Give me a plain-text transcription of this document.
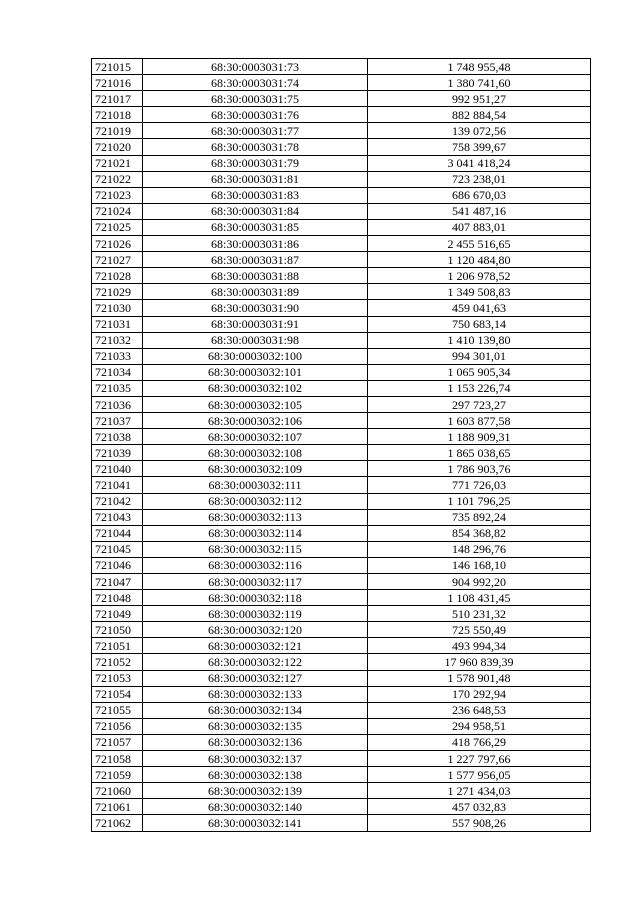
721015	68:30:0003031:73	1 748 955,48
721016	68:30:0003031:74	1 380 741,60
721017	68:30:0003031:75	992 951,27
721018	68:30:0003031:76	882 884,54
721019	68:30:0003031:77	139 072,56
721020	68:30:0003031:78	758 399,67
721021	68:30:0003031:79	3 041 418,24
721022	68:30:0003031:81	723 238,01
721023	68:30:0003031:83	686 670,03
721024	68:30:0003031:84	541 487,16
721025	68:30:0003031:85	407 883,01
721026	68:30:0003031:86	2 455 516,65
721027	68:30:0003031:87	1 120 484,80
721028	68:30:0003031:88	1 206 978,52
721029	68:30:0003031:89	1 349 508,83
721030	68:30:0003031:90	459 041,63
721031	68:30:0003031:91	750 683,14
721032	68:30:0003031:98	1 410 139,80
721033	68:30:0003032:100	994 301,01
721034	68:30:0003032:101	1 065 905,34
721035	68:30:0003032:102	1 153 226,74
721036	68:30:0003032:105	297 723,27
721037	68:30:0003032:106	1 603 877,58
721038	68:30:0003032:107	1 188 909,31
721039	68:30:0003032:108	1 865 038,65
721040	68:30:0003032:109	1 786 903,76
721041	68:30:0003032:111	771 726,03
721042	68:30:0003032:112	1 101 796,25
721043	68:30:0003032:113	735 892,24
721044	68:30:0003032:114	854 368,82
721045	68:30:0003032:115	148 296,76
721046	68:30:0003032:116	146 168,10
721047	68:30:0003032:117	904 992,20
721048	68:30:0003032:118	1 108 431,45
721049	68:30:0003032:119	510 231,32
721050	68:30:0003032:120	725 550,49
721051	68:30:0003032:121	493 994,34
721052	68:30:0003032:122	17 960 839,39
721053	68:30:0003032:127	1 578 901,48
721054	68:30:0003032:133	170 292,94
721055	68:30:0003032:134	236 648,53
721056	68:30:0003032:135	294 958,51
721057	68:30:0003032:136	418 766,29
721058	68:30:0003032:137	1 227 797,66
721059	68:30:0003032:138	1 577 956,05
721060	68:30:0003032:139	1 271 434,03
721061	68:30:0003032:140	457 032,83
721062	68:30:0003032:141	557 908,26
